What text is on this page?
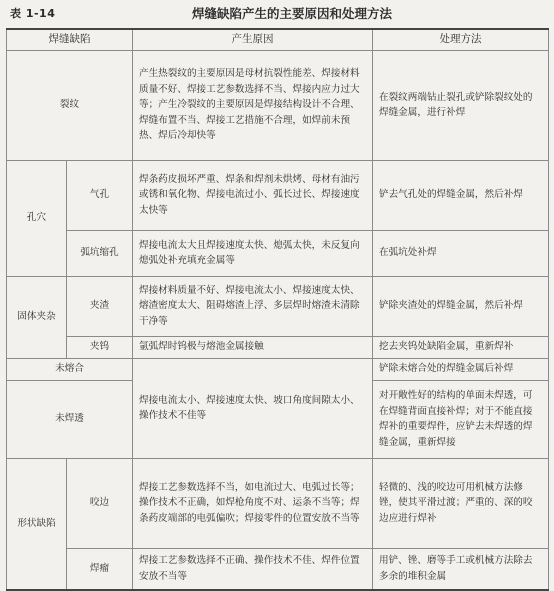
表 1-14	焊缝缺陷产生的主要原因和处理方法
焊缝缺陷		产生原因	处理方法
裂纹		产生热裂纹的主要原因是母材抗裂性能差、焊接材料质量不好、焊接工艺参数选择不当、焊接内应力过大等；产生冷裂纹的主要原因是焊接结构设计不合理、焊缝布置不当、焊接工艺措施不合理，如焊前未预热、焊后冷却快等	在裂纹两端钻止裂孔或铲除裂纹处的焊缝金属，进行补焊
孔穴	气孔	焊条药皮损坏严重、焊条和焊剂未烘烤、母材有油污或锈和氧化物、焊接电流过小、弧长过长、焊接速度太快等	铲去气孔处的焊缝金属，然后补焊
	弧坑缩孔	焊接电流太大且焊接速度太快、熄弧太快，未反复向熄弧处补充填充金属等	在弧坑处补焊
固体夹杂	夹渣	焊接材料质量不好、焊接电流太小、焊接速度太快、熔渣密度太大、阻碍熔渣上浮、多层焊时熔渣未清除干净等	铲除夹渣处的焊缝金属，然后补焊
	夹钨	氩弧焊时钨极与熔池金属接触	挖去夹钨处缺陷金属，重新焊补
未熔合		焊接电流太小、焊接速度太快、坡口角度间隙太小、操作技术不佳等	铲除未熔合处的焊缝金属后补焊
未焊透			对开敞性好的结构的单面未焊透，可在焊缝背面直接补焊；对于不能直接焊补的重要焊件，应铲去未焊透的焊缝金属，重新焊接
形状缺陷	咬边	焊接工艺参数选择不当，如电流过大、电弧过长等；操作技术不正确，如焊枪角度不对、运条不当等；焊条药皮端部的电弧偏吹；焊接零件的位置安放不当等	轻微的、浅的咬边可用机械方法修锉，使其平滑过渡；严重的、深的咬边应进行焊补
	焊瘤	焊接工艺参数选择不正确、操作技术不佳、焊件位置安放不当等	用铲、锉、磨等手工或机械方法除去多余的堆积金属
